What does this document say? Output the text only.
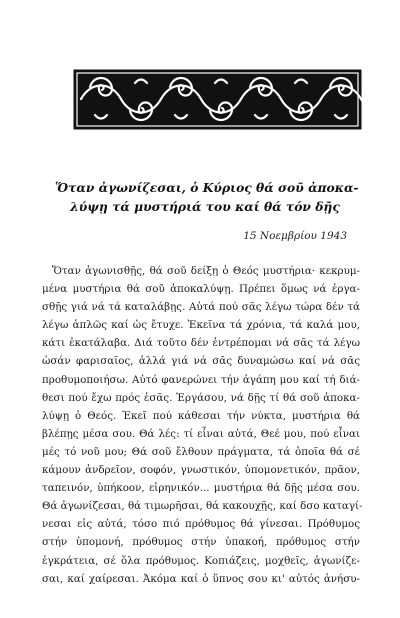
Ὅταν ἀγωνίζεσαι, ὁ Κύριος θά σοῦ ἀποκα-
λύψῃ τά μυστήριά του καί θά τόν δῇς

15 Νοεμβρίου 1943

Ὅταν ἀγωνισθῇς, θά σοῦ δείξῃ ὁ Θεός μυστήρια· κεκρυμ-
μένα μυστήρια θά σοῦ ἀποκαλύψῃ. Πρέπει ὅμως νά ἐργα-
σθῇς γιά νά τά καταλάβῃς. Αὐτά πού σᾶς λέγω τώρα δέν τά
λέγω ἁπλῶς καί ὡς ἔτυχε. Ἐκεῖνα τά χρόνια, τά καλά μου,
κάτι ἐκατάλαβα. Διά τοῦτο δέν ἐντρέπομαι νά σᾶς τά λέγω
ὡσάν φαρισαῖος, ἀλλά γιά νά σᾶς δυναμώσω καί νά σᾶς
προθυμοποιήσω. Αὐτό φανερώνει τήν ἀγάπη μου καί τή διά-
θεσι πού ἔχω πρός ἐσᾶς. Ἐργάσου, νά δῇς τί θά σοῦ ἀποκα-
λύψῃ ὁ Θεός. Ἐκεῖ πού κάθεσαι τήν νύκτα, μυστήρια θά
βλέπῃς μέσα σου. Θά λές: τί εἶναι αὐτά, Θεέ μου, πού εἶναι
μές τό νοῦ μου; Θά σοῦ ἔλθουν πράγματα, τά ὁποῖα θά σέ
κάμουν ἀνδρεῖον, σοφόν, γνωστικόν, ὑπομονετικόν, πρᾶον,
ταπεινόν, ὑπήκοον, εἰρηνικόν... μυστήρια θά δῇς μέσα σου.
Θά ἀγωνίζεσαι, θά τιμωρῆσαι, θά κακουχῇς, καί δσο καταγί-
νεσαι εἰς αὐτά, τόσο πιό πρόθυμος θά γίνεσαι. Πρόθυμος
στήν ὑπομονή, πρόθυμος στήν ὑπακοή, πρόθυμος στήν
ἐγκράτεια, σέ ὅλα πρόθυμος. Κοπιάζεις, μοχθεῖς, ἀγωνίζε-
σαι, καί χαίρεσαι. Ἀκόμα καί ὁ ὕπνος σου κι' αὐτός ἁνήσυ-
